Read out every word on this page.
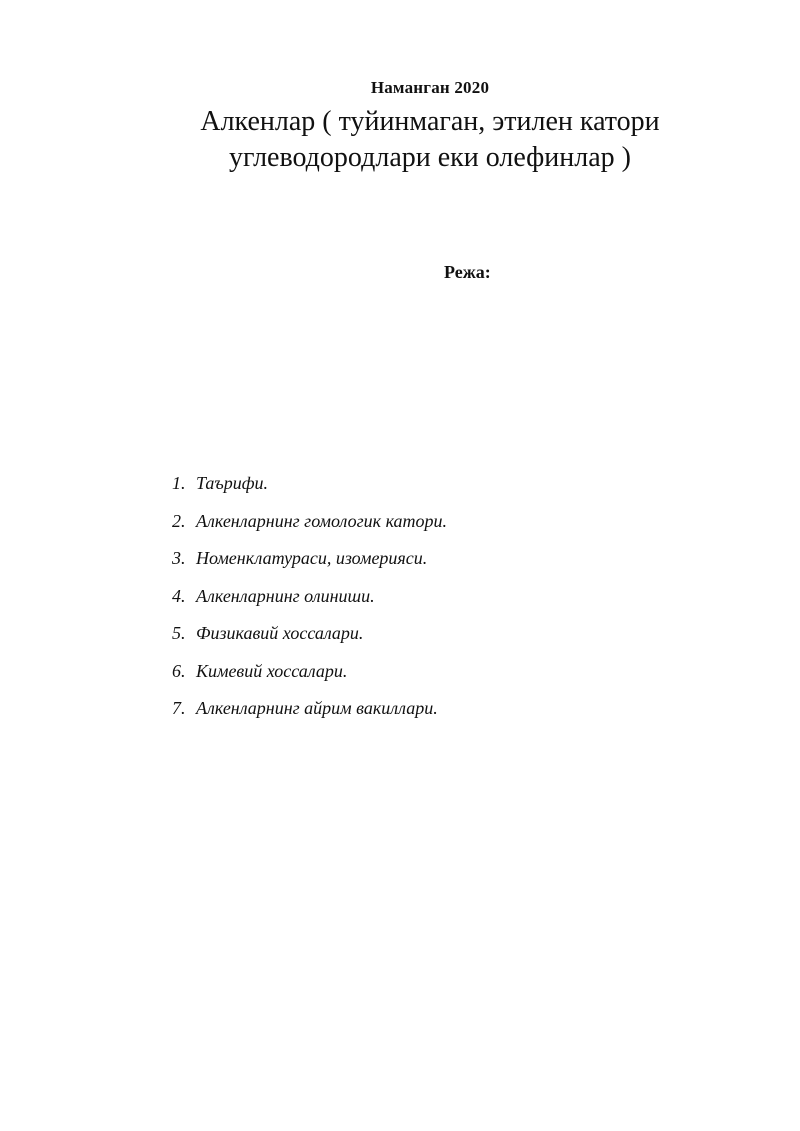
Наманган 2020
Алкенлар ( туйинмаган, этилен катори
углеводородлари еки олефинлар )
Режа:
1. Таърифи.
2. Алкенларнинг гомологик катори.
3. Номенклатураси, изомерияси.
4. Алкенларнинг олиниши.
5. Физикавий хоссалари.
6. Кимевий хоссалари.
7. Алкенларнинг айрим вакиллари.
